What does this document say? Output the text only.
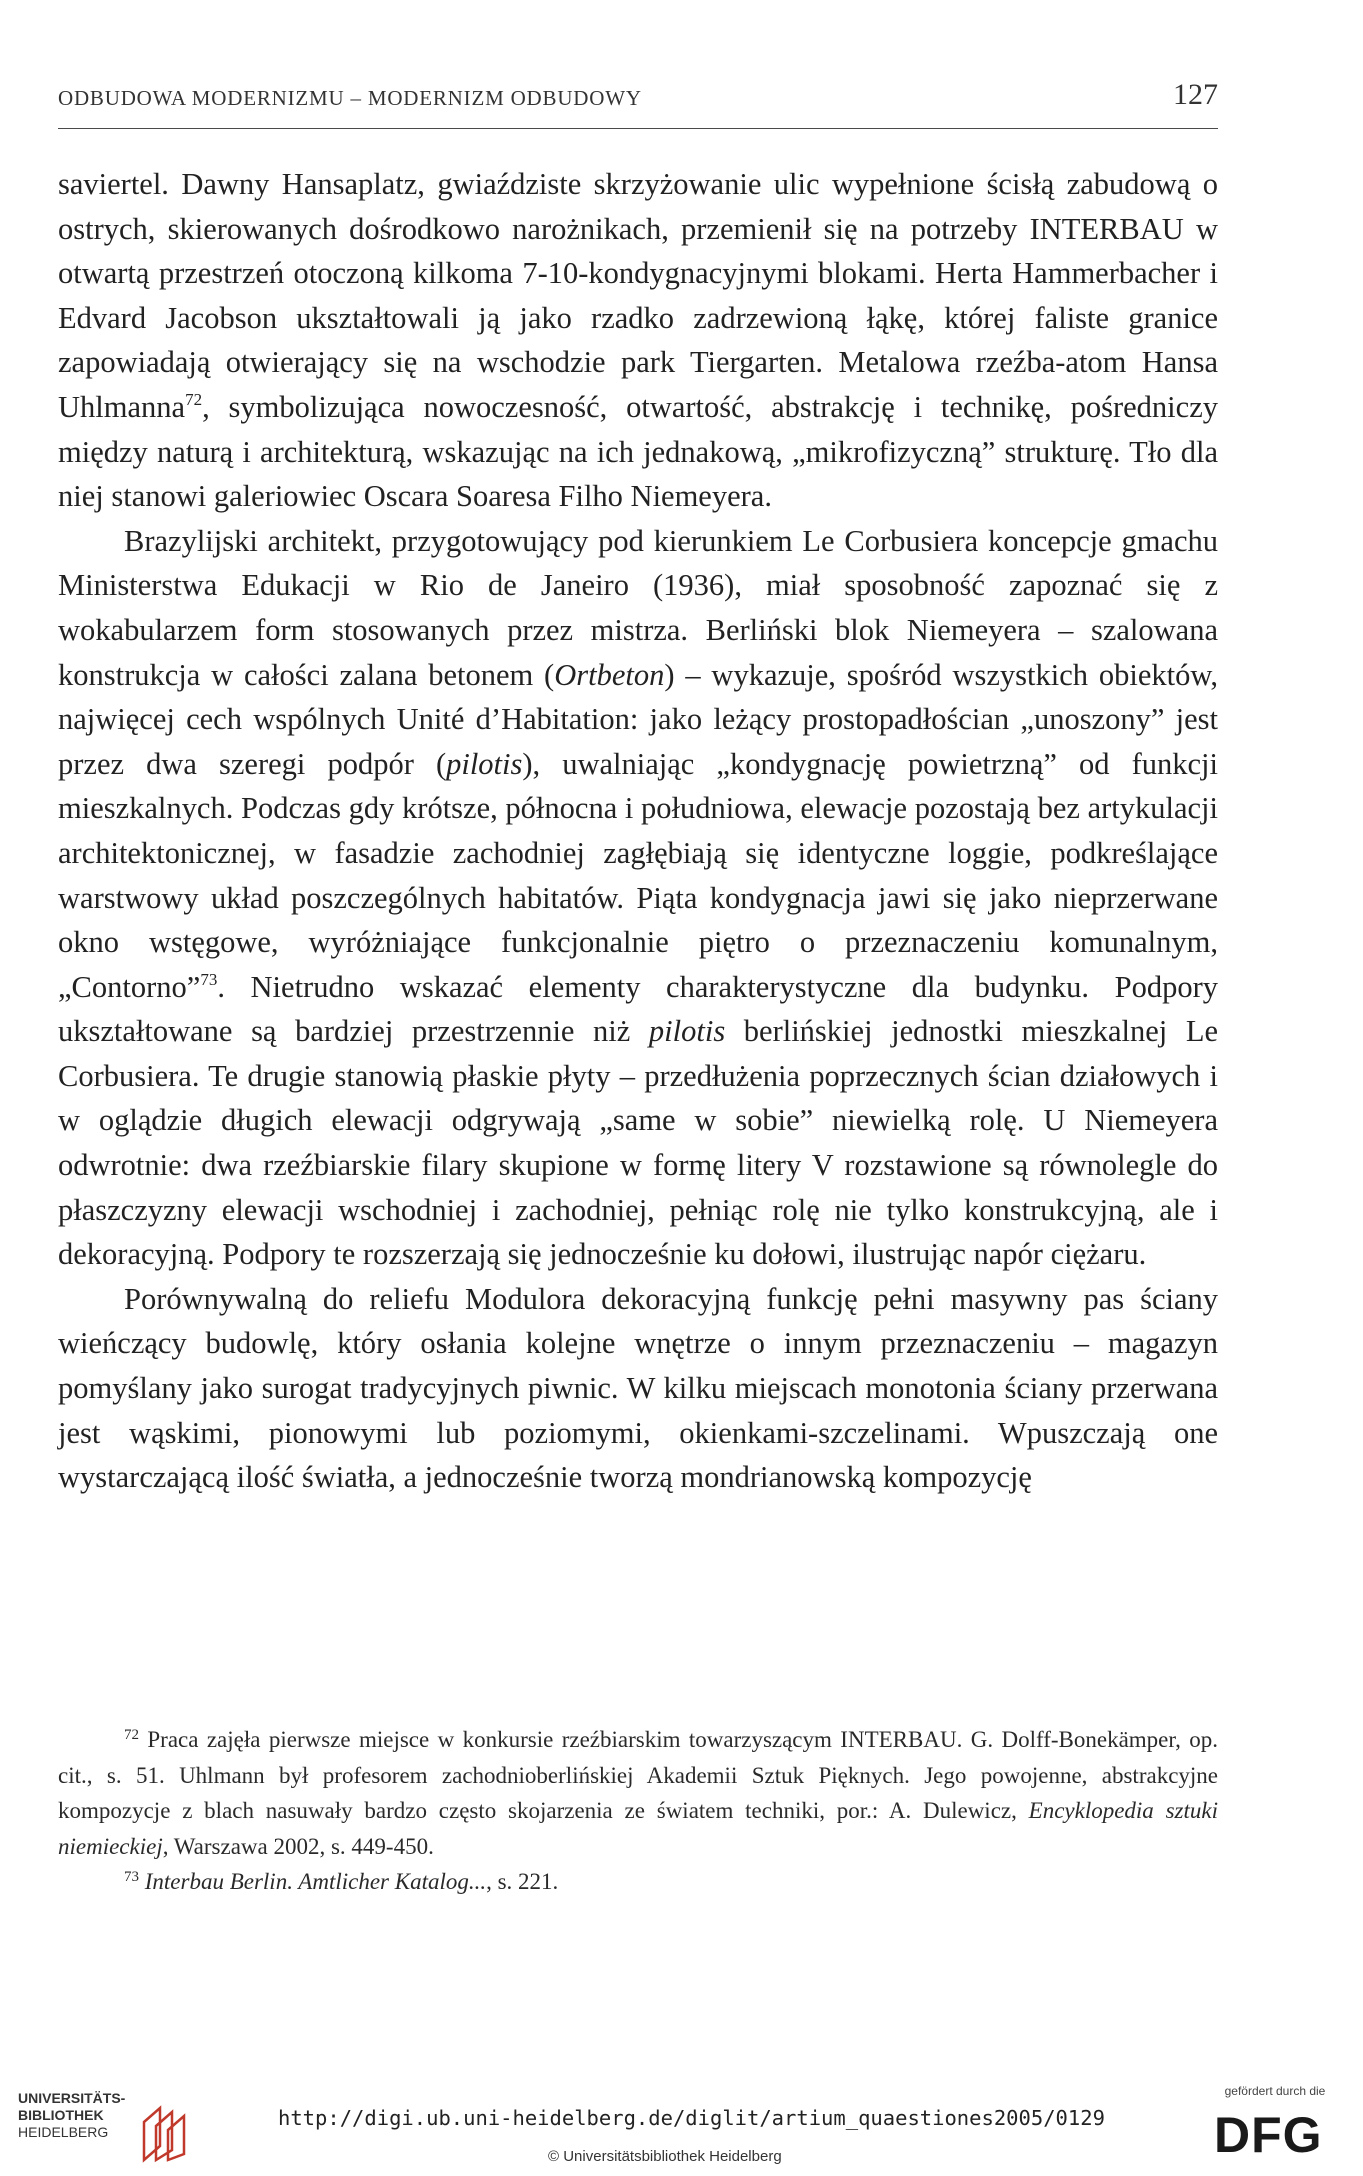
ODBUDOWA MODERNIZMU – MODERNIZM ODBUDOWY	127

saviertel. Dawny Hansaplatz, gwiaździste skrzyżowanie ulic wypełnione ścisłą zabudową o ostrych, skierowanych dośrodkowo narożnikach, przemienił się na potrzeby INTERBAU w otwartą przestrzeń otoczoną kilkoma 7-10-kondygnacyjnymi blokami. Herta Hammerbacher i Edvard Jacobson ukształtowali ją jako rzadko zadrzewioną łąkę, której faliste granice zapowiadają otwierający się na wschodzie park Tiergarten. Metalowa rzeźba-atom Hansa Uhlmanna$^{72}$, symbolizująca nowoczesność, otwartość, abstrakcję i technikę, pośredniczy między naturą i architekturą, wskazując na ich jednakową, „mikrofizyczną” strukturę. Tło dla niej stanowi galeriowiec Oscara Soaresa Filho Niemeyera.

Brazylijski architekt, przygotowujący pod kierunkiem Le Corbusiera koncepcje gmachu Ministerstwa Edukacji w Rio de Janeiro (1936), miał sposobność zapoznać się z wokabularzem form stosowanych przez mistrza. Berliński blok Niemeyera – szalowana konstrukcja w całości zalana betonem (Ortbeton) – wykazuje, spośród wszystkich obiektów, najwięcej cech wspólnych Unité d’Habitation: jako leżący prostopadłościan „unoszony” jest przez dwa szeregi podpór (pilotis), uwalniając „kondygnację powietrzną” od funkcji mieszkalnych. Podczas gdy krótsze, północna i południowa, elewacje pozostają bez artykulacji architektonicznej, w fasadzie zachodniej zagłębiają się identyczne loggie, podkreślające warstwowy układ poszczególnych habitatów. Piąta kondygnacja jawi się jako nieprzerwane okno wstęgowe, wyróżniające funkcjonalnie piętro o przeznaczeniu komunalnym, „Contorno”$^{73}$. Nietrudno wskazać elementy charakterystyczne dla budynku. Podpory ukształtowane są bardziej przestrzennie niż pilotis berlińskiej jednostki mieszkalnej Le Corbusiera. Te drugie stanowią płaskie płyty – przedłużenia poprzecznych ścian działowych i w oglądzie długich elewacji odgrywają „same w sobie” niewielką rolę. U Niemeyera odwrotnie: dwa rzeźbiarskie filary skupione w formę litery V rozstawione są równolegle do płaszczyzny elewacji wschodniej i zachodniej, pełniąc rolę nie tylko konstrukcyjną, ale i dekoracyjną. Podpory te rozszerzają się jednocześnie ku dołowi, ilustrując napór ciężaru.

Porównywalną do reliefu Modulora dekoracyjną funkcję pełni masywny pas ściany wieńczący budowlę, który osłania kolejne wnętrze o innym przeznaczeniu – magazyn pomyślany jako surogat tradycyjnych piwnic. W kilku miejscach monotonia ściany przerwana jest wąskimi, pionowymi lub poziomymi, okienkami-szczelinami. Wpuszczają one wystarczającą ilość światła, a jednocześnie tworzą mondrianowską kompozycję

$^{72}$ Praca zajęła pierwsze miejsce w konkursie rzeźbiarskim towarzyszącym INTERBAU. G. Dolff-Bonekämper, op. cit., s. 51. Uhlmann był profesorem zachodnioberlińskiej Akademii Sztuk Pięknych. Jego powojenne, abstrakcyjne kompozycje z blach nasuwały bardzo często skojarzenia ze światem techniki, por.: A. Dulewicz, Encyklopedia sztuki niemieckiej, Warszawa 2002, s. 449-450.

$^{73}$ Interbau Berlin. Amtlicher Katalog..., s. 221.

UNIVERSITÄTS-
BIBLIOTHEK
HEIDELBERG
http://digi.ub.uni-heidelberg.de/diglit/artium_quaestiones2005/0129
© Universitätsbibliothek Heidelberg
gefördert durch die
DFG
